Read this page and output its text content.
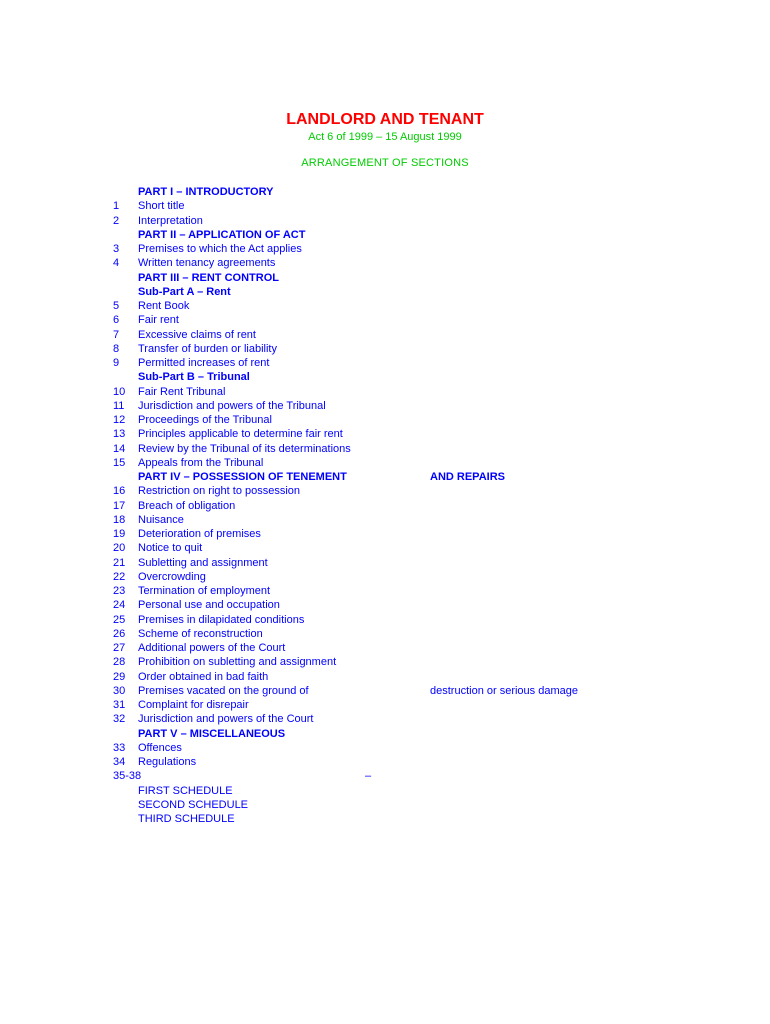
LANDLORD AND TENANT
Act 6 of 1999 – 15 August 1999
ARRANGEMENT OF SECTIONS
PART I – INTRODUCTORY
1	Short title
2	Interpretation
PART II – APPLICATION OF ACT
3	Premises to which the Act applies
4	Written tenancy agreements
PART III – RENT CONTROL
Sub-Part A – Rent
5	Rent Book
6	Fair rent
7	Excessive claims of rent
8	Transfer of burden or liability
9	Permitted increases of rent
Sub-Part B – Tribunal
10	Fair Rent Tribunal
11	Jurisdiction and powers of the Tribunal
12	Proceedings of the Tribunal
13	Principles applicable to determine fair rent
14	Review by the Tribunal of its determinations
15	Appeals from the Tribunal
PART IV – POSSESSION OF TENEMENT	AND REPAIRS
16	Restriction on right to possession
17	Breach of obligation
18	Nuisance
19	Deterioration of premises
20	Notice to quit
21	Subletting and assignment
22	Overcrowding
23	Termination of employment
24	Personal use and occupation
25	Premises in dilapidated conditions
26	Scheme of reconstruction
27	Additional powers of the Court
28	Prohibition on subletting and assignment
29	Order obtained in bad faith
30	Premises vacated on the ground of	destruction or serious damage
31	Complaint for disrepair
32	Jurisdiction and powers of the Court
PART V – MISCELLANEOUS
33	Offences
34	Regulations
35-38	–
FIRST SCHEDULE
SECOND SCHEDULE
THIRD SCHEDULE
